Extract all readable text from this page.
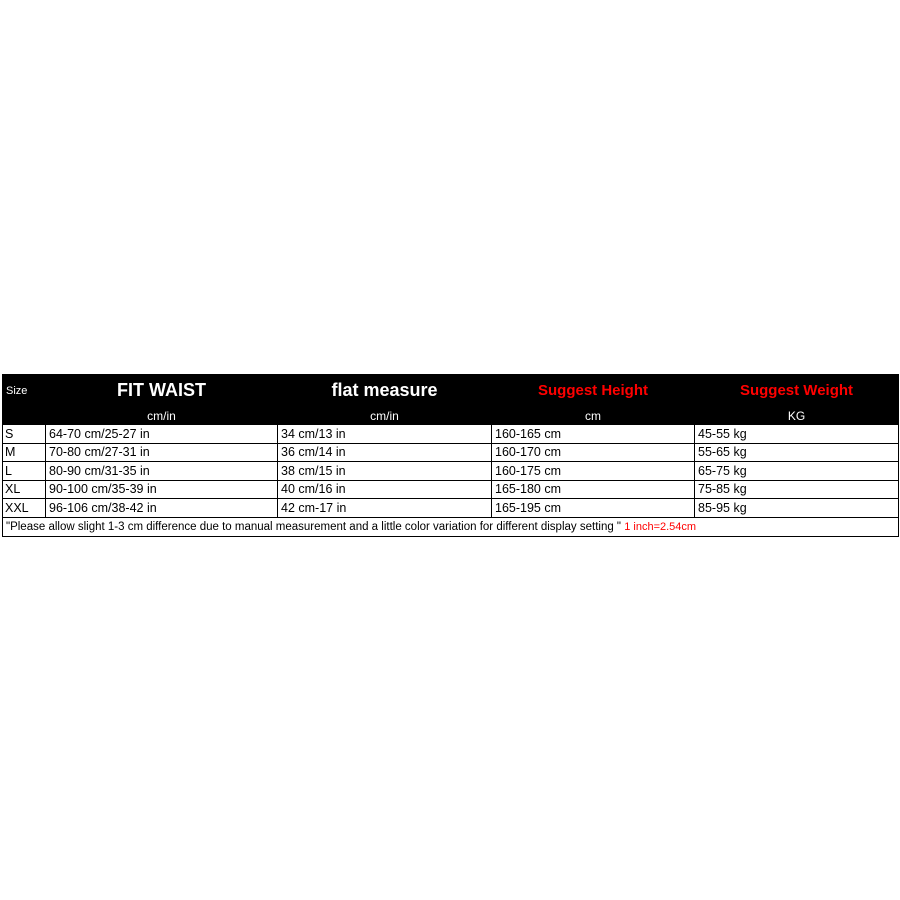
Size	FIT WAIST	flat measure	Suggest Height	Suggest Weight
	cm/in	cm/in	cm	KG
S	64-70 cm/25-27 in	34 cm/13 in	160-165 cm	45-55 kg
M	70-80 cm/27-31 in	36 cm/14 in	160-170 cm	55-65 kg
L	80-90 cm/31-35 in	38 cm/15 in	160-175 cm	65-75 kg
XL	90-100 cm/35-39 in	40 cm/16 in	165-180 cm	75-85 kg
XXL	96-106 cm/38-42 in	42 cm-17 in	165-195 cm	85-95 kg
"Please allow slight 1-3 cm difference due to manual measurement and a little color variation for different display setting " 1 inch=2.54cm				
